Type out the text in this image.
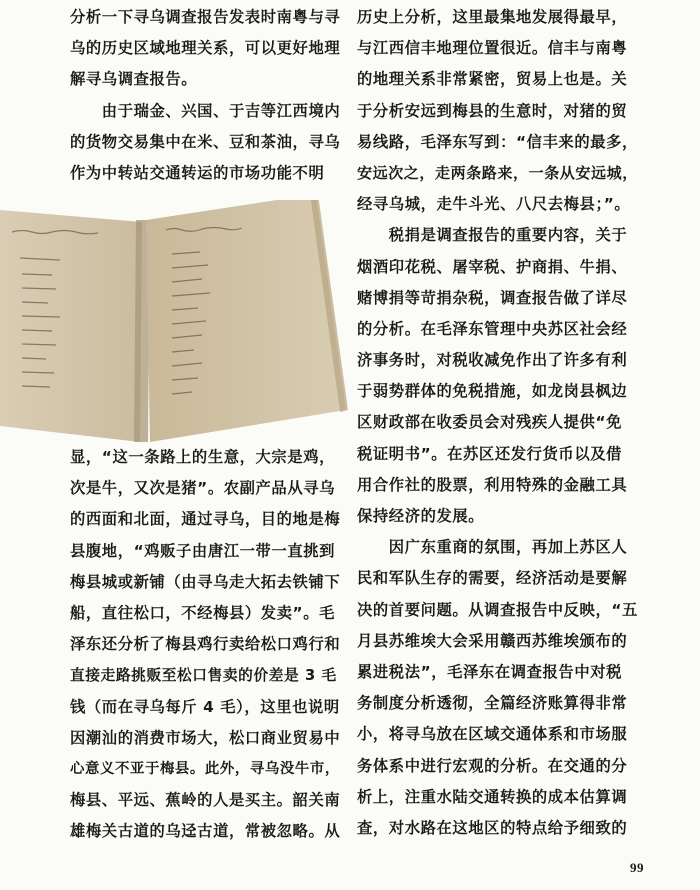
分析一下寻乌调查报告发表时南粤与寻
乌的历史区域地理关系，可以更好地理
解寻乌调查报告。
　　由于瑞金、兴国、于吉等江西境内
的货物交易集中在米、豆和茶油，寻乌
作为中转站交通转运的市场功能不明
显，“这一条路上的生意，大宗是鸡，
次是牛，又次是猪”。农副产品从寻乌
的西面和北面，通过寻乌，目的地是梅
县腹地，“鸡贩子由唐江一带一直挑到
梅县城或新铺（由寻乌走大拓去铁铺下
船，直往松口，不经梅县）发卖”。毛
泽东还分析了梅县鸡行卖给松口鸡行和
直接走路挑贩至松口售卖的价差是 3 毛
钱（而在寻乌每斤 4 毛），这里也说明
因潮汕的消费市场大，松口商业贸易中
心意义不亚于梅县。此外，寻乌没牛市，
梅县、平远、蕉岭的人是买主。韶关南
雄梅关古道的乌迳古道，常被忽略。从
历史上分析，这里最集地发展得最早，
与江西信丰地理位置很近。信丰与南粤
的地理关系非常紧密，贸易上也是。关
于分析安远到梅县的生意时，对猪的贸
易线路，毛泽东写到：“信丰来的最多，
安远次之，走两条路来，一条从安远城，
经寻乌城，走牛斗光、八尺去梅县；”。
　　税捐是调查报告的重要内容，关于
烟酒印花税、屠宰税、护商捐、牛捐、
赌博捐等苛捐杂税，调查报告做了详尽
的分析。在毛泽东管理中央苏区社会经
济事务时，对税收减免作出了许多有利
于弱势群体的免税措施，如龙岗县枫边
区财政部在收委员会对残疾人提供“免
税证明书”。在苏区还发行货币以及借
用合作社的股票，利用特殊的金融工具
保持经济的发展。
　　因广东重商的氛围，再加上苏区人
民和军队生存的需要，经济活动是要解
决的首要问题。从调查报告中反映，“五
月县苏维埃大会采用赣西苏维埃颁布的
累进税法”，毛泽东在调查报告中对税
务制度分析透彻，全篇经济账算得非常
小，将寻乌放在区域交通体系和市场服
务体系中进行宏观的分析。在交通的分
析上，注重水陆交通转换的成本估算调
查，对水路在这地区的特点给予细致的
99
